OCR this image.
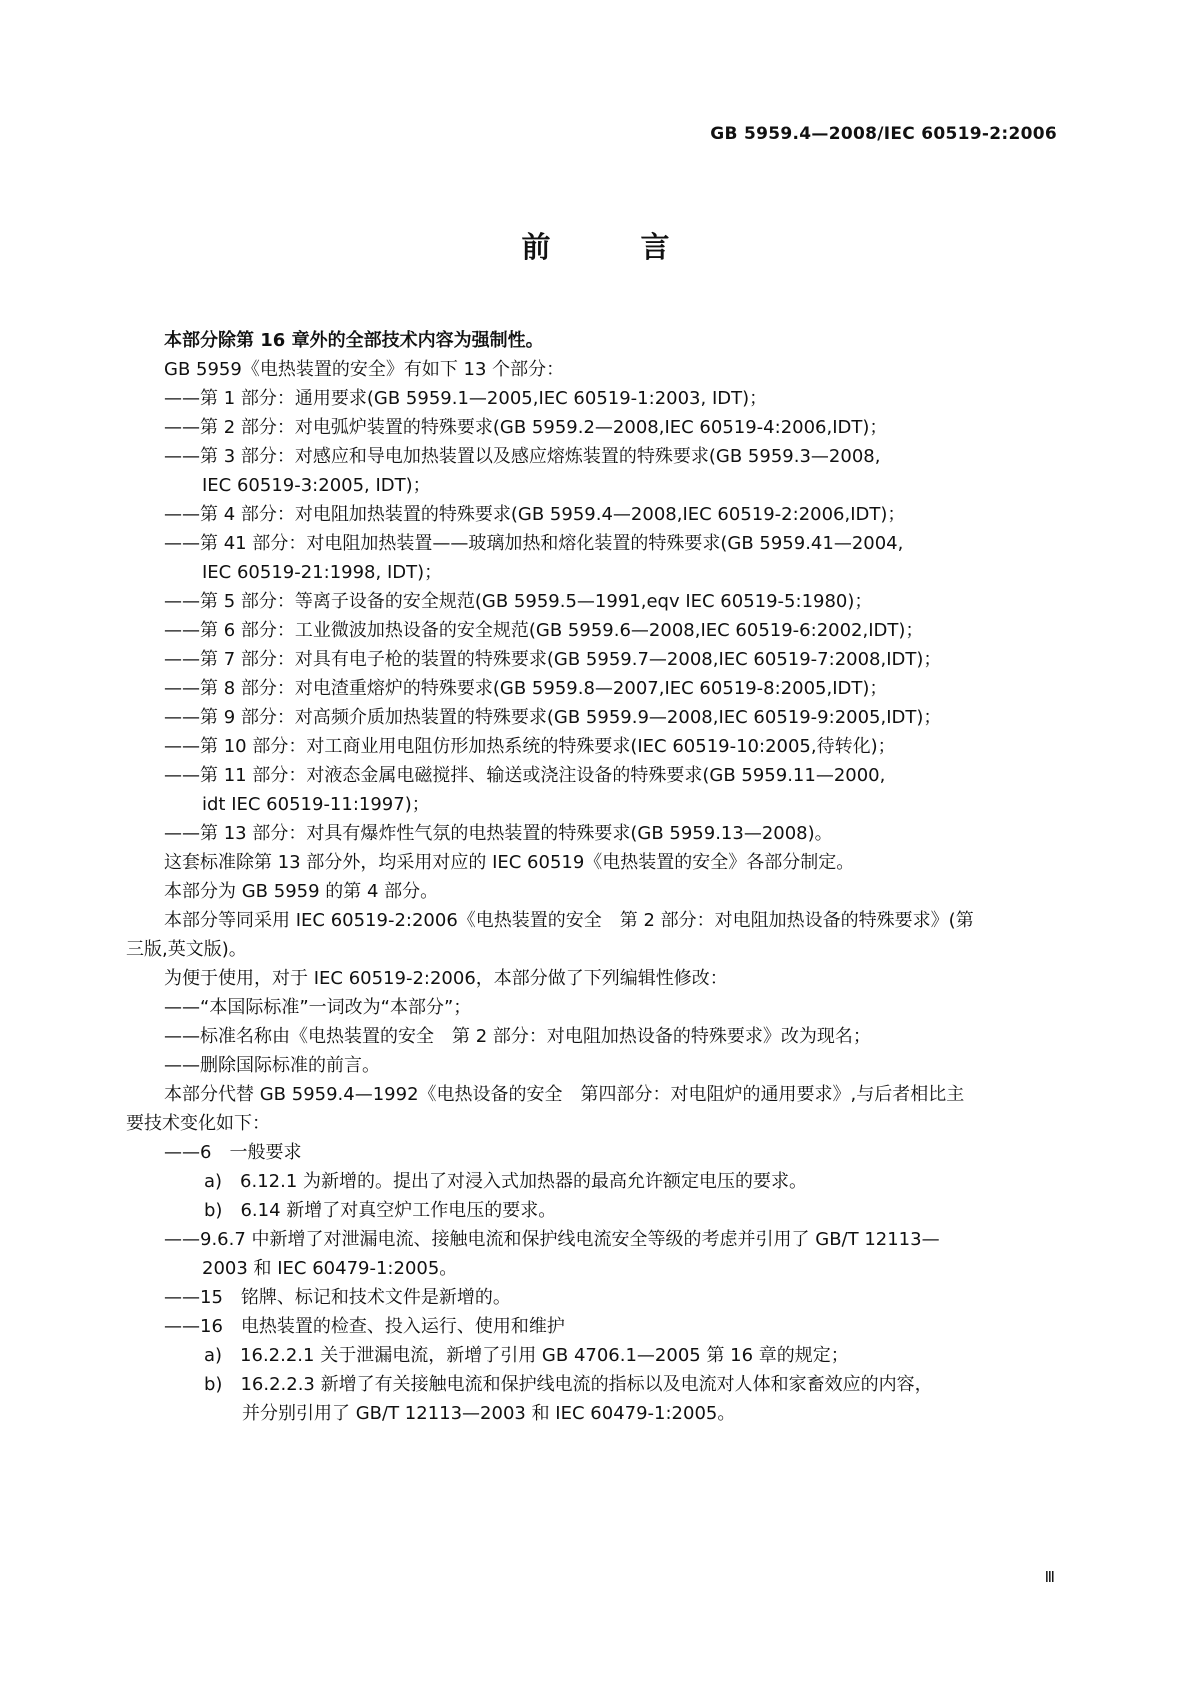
GB 5959.4—2008/IEC 60519-2:2006
前 言
本部分除第 16 章外的全部技术内容为强制性。
GB 5959《电热装置的安全》有如下 13 个部分：
——第 1 部分：通用要求(GB 5959.1—2005,IEC 60519-1:2003, IDT)；
——第 2 部分：对电弧炉装置的特殊要求(GB 5959.2—2008,IEC 60519-4:2006,IDT)；
——第 3 部分：对感应和导电加热装置以及感应熔炼装置的特殊要求(GB 5959.3—2008,
IEC 60519-3:2005, IDT)；
——第 4 部分：对电阻加热装置的特殊要求(GB 5959.4—2008,IEC 60519-2:2006,IDT)；
——第 41 部分：对电阻加热装置——玻璃加热和熔化装置的特殊要求(GB 5959.41—2004,
IEC 60519-21:1998, IDT)；
——第 5 部分：等离子设备的安全规范(GB 5959.5—1991,eqv IEC 60519-5:1980)；
——第 6 部分：工业微波加热设备的安全规范(GB 5959.6—2008,IEC 60519-6:2002,IDT)；
——第 7 部分：对具有电子枪的装置的特殊要求(GB 5959.7—2008,IEC 60519-7:2008,IDT)；
——第 8 部分：对电渣重熔炉的特殊要求(GB 5959.8—2007,IEC 60519-8:2005,IDT)；
——第 9 部分：对高频介质加热装置的特殊要求(GB 5959.9—2008,IEC 60519-9:2005,IDT)；
——第 10 部分：对工商业用电阻仿形加热系统的特殊要求(IEC 60519-10:2005,待转化)；
——第 11 部分：对液态金属电磁搅拌、输送或浇注设备的特殊要求(GB 5959.11—2000,
idt IEC 60519-11:1997)；
——第 13 部分：对具有爆炸性气氛的电热装置的特殊要求(GB 5959.13—2008)。
这套标准除第 13 部分外，均采用对应的 IEC 60519《电热装置的安全》各部分制定。
本部分为 GB 5959 的第 4 部分。
本部分等同采用 IEC 60519-2:2006《电热装置的安全　第 2 部分：对电阻加热设备的特殊要求》(第
三版,英文版)。
为便于使用，对于 IEC 60519-2:2006，本部分做了下列编辑性修改：
——“本国际标准”一词改为“本部分”；
——标准名称由《电热装置的安全　第 2 部分：对电阻加热设备的特殊要求》改为现名；
——删除国际标准的前言。
本部分代替 GB 5959.4—1992《电热设备的安全　第四部分：对电阻炉的通用要求》,与后者相比主
要技术变化如下：
——6　一般要求
a)　6.12.1 为新增的。提出了对浸入式加热器的最高允许额定电压的要求。
b)　6.14 新增了对真空炉工作电压的要求。
——9.6.7 中新增了对泄漏电流、接触电流和保护线电流安全等级的考虑并引用了 GB/T 12113—
2003 和 IEC 60479-1:2005。
——15　铭牌、标记和技术文件是新增的。
——16　电热装置的检查、投入运行、使用和维护
a)　16.2.2.1 关于泄漏电流，新增了引用 GB 4706.1—2005 第 16 章的规定；
b)　16.2.2.3 新增了有关接触电流和保护线电流的指标以及电流对人体和家畜效应的内容，
并分别引用了 GB/T 12113—2003 和 IEC 60479-1:2005。
Ⅲ
